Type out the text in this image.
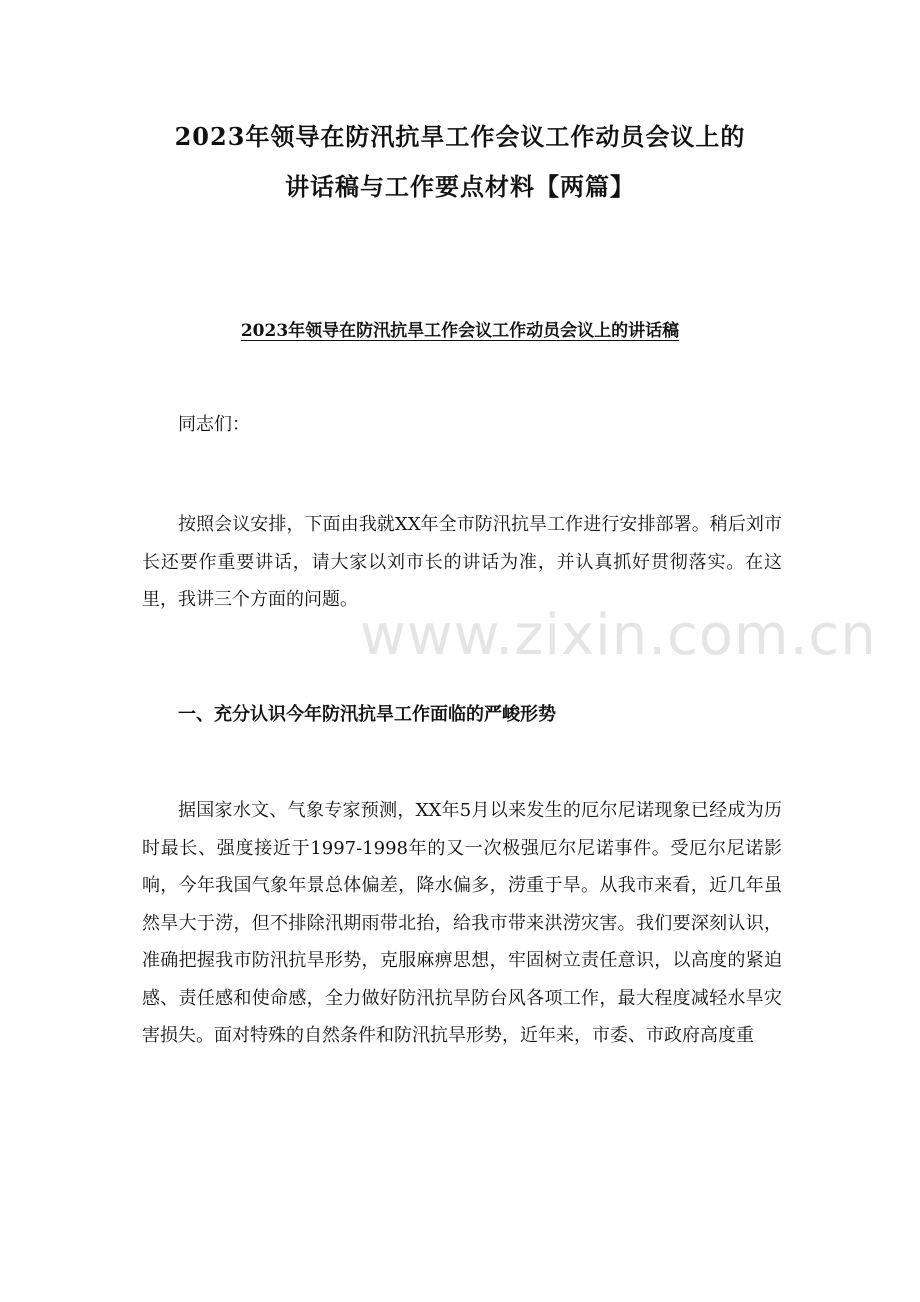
2023年领导在防汛抗旱工作会议工作动员会议上的
讲话稿与工作要点材料【两篇】
2023年领导在防汛抗旱工作会议工作动员会议上的讲话稿
同志们：

按照会议安排，下面由我就XX年全市防汛抗旱工作进行安排部署。稍后刘市长还要作重要讲话，请大家以刘市长的讲话为准，并认真抓好贯彻落实。在这里，我讲三个方面的问题。

www.zixin.com.cn
一、充分认识今年防汛抗旱工作面临的严峻形势

据国家水文、气象专家预测，XX年5月以来发生的厄尔尼诺现象已经成为历时最长、强度接近于1997-1998年的又一次极强厄尔尼诺事件。受厄尔尼诺影响，今年我国气象年景总体偏差，降水偏多，涝重于旱。从我市来看，近几年虽然旱大于涝，但不排除汛期雨带北抬，给我市带来洪涝灾害。我们要深刻认识，准确把握我市防汛抗旱形势，克服麻痹思想，牢固树立责任意识，以高度的紧迫感、责任感和使命感，全力做好防汛抗旱防台风各项工作，最大程度减轻水旱灾害损失。面对特殊的自然条件和防汛抗旱形势，近年来，市委、市政府高度重
